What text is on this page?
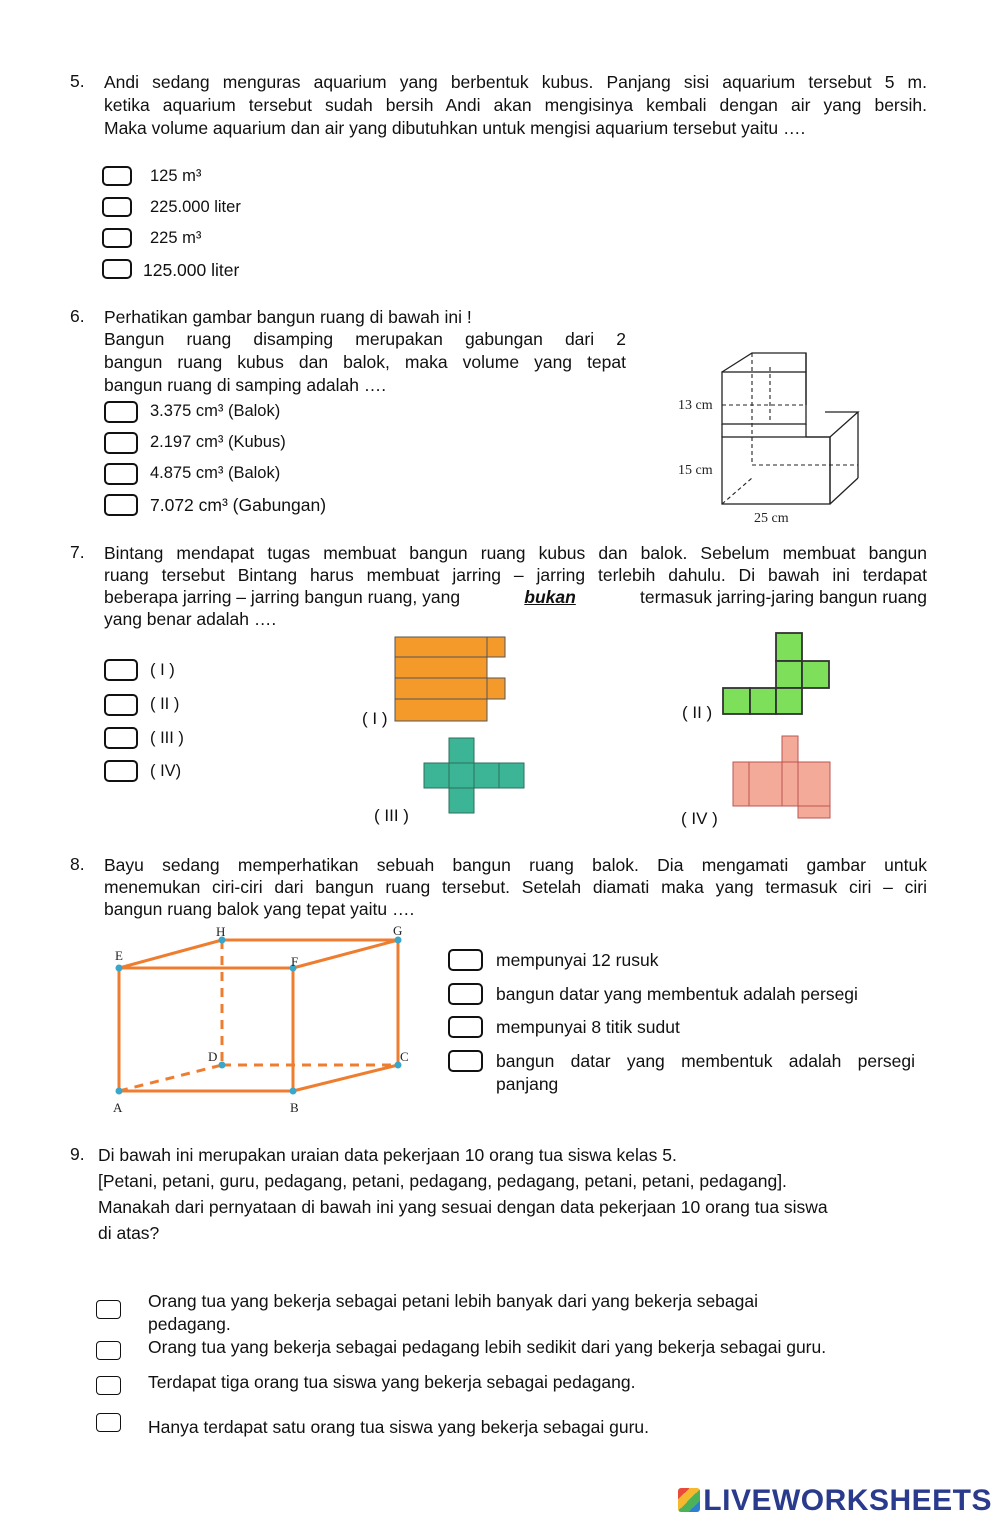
5. Andi sedang menguras aquarium yang berbentuk kubus. Panjang sisi aquarium tersebut 5 m.
ketika aquarium tersebut sudah bersih Andi akan mengisinya kembali dengan air yang bersih.
Maka volume aquarium dan air yang dibutuhkan untuk mengisi aquarium tersebut yaitu ….
125 m³
225.000 liter
225 m³
125.000 liter
6. Perhatikan gambar bangun ruang di bawah ini !
Bangun ruang disamping merupakan gabungan dari 2
bangun ruang kubus dan balok, maka volume yang tepat
bangun ruang di samping adalah ….
3.375 cm³ (Balok)
2.197 cm³ (Kubus)
4.875 cm³ (Balok)
7.072 cm³ (Gabungan)
13 cm
15 cm
25 cm
7. Bintang mendapat tugas membuat bangun ruang kubus dan balok. Sebelum membuat bangun
ruang tersebut Bintang harus membuat jarring – jarring terlebih dahulu. Di bawah ini terdapat
beberapa jarring – jarring bangun ruang, yang	bukan	termasuk jarring-jaring bangun ruang
yang benar adalah ….
( I )
( II )
( III )
( IV)
( I )	( II )
( III )	( IV )
8. Bayu sedang memperhatikan sebuah bangun ruang balok. Dia mengamati gambar untuk
menemukan ciri-ciri dari bangun ruang tersebut. Setelah diamati maka yang termasuk ciri – ciri
bangun ruang balok yang tepat yaitu ….
A	B
C
D
E	F
G
H
mempunyai 12 rusuk
bangun datar yang membentuk adalah persegi
mempunyai 8 titik sudut
bangun datar yang membentuk adalah persegi
panjang
9. Di bawah ini merupakan uraian data pekerjaan 10 orang tua siswa kelas 5.
[Petani, petani, guru, pedagang, petani, pedagang, pedagang, petani, petani, pedagang].
Manakah dari pernyataan di bawah ini yang sesuai dengan data pekerjaan 10 orang tua siswa
di atas?
Orang tua yang bekerja sebagai petani lebih banyak dari yang bekerja sebagai
pedagang.
Orang tua yang bekerja sebagai pedagang lebih sedikit dari yang bekerja sebagai guru.
Terdapat tiga orang tua siswa yang bekerja sebagai pedagang.
Hanya terdapat satu orang tua siswa yang bekerja sebagai guru.
LIVEWORKSHEETS
